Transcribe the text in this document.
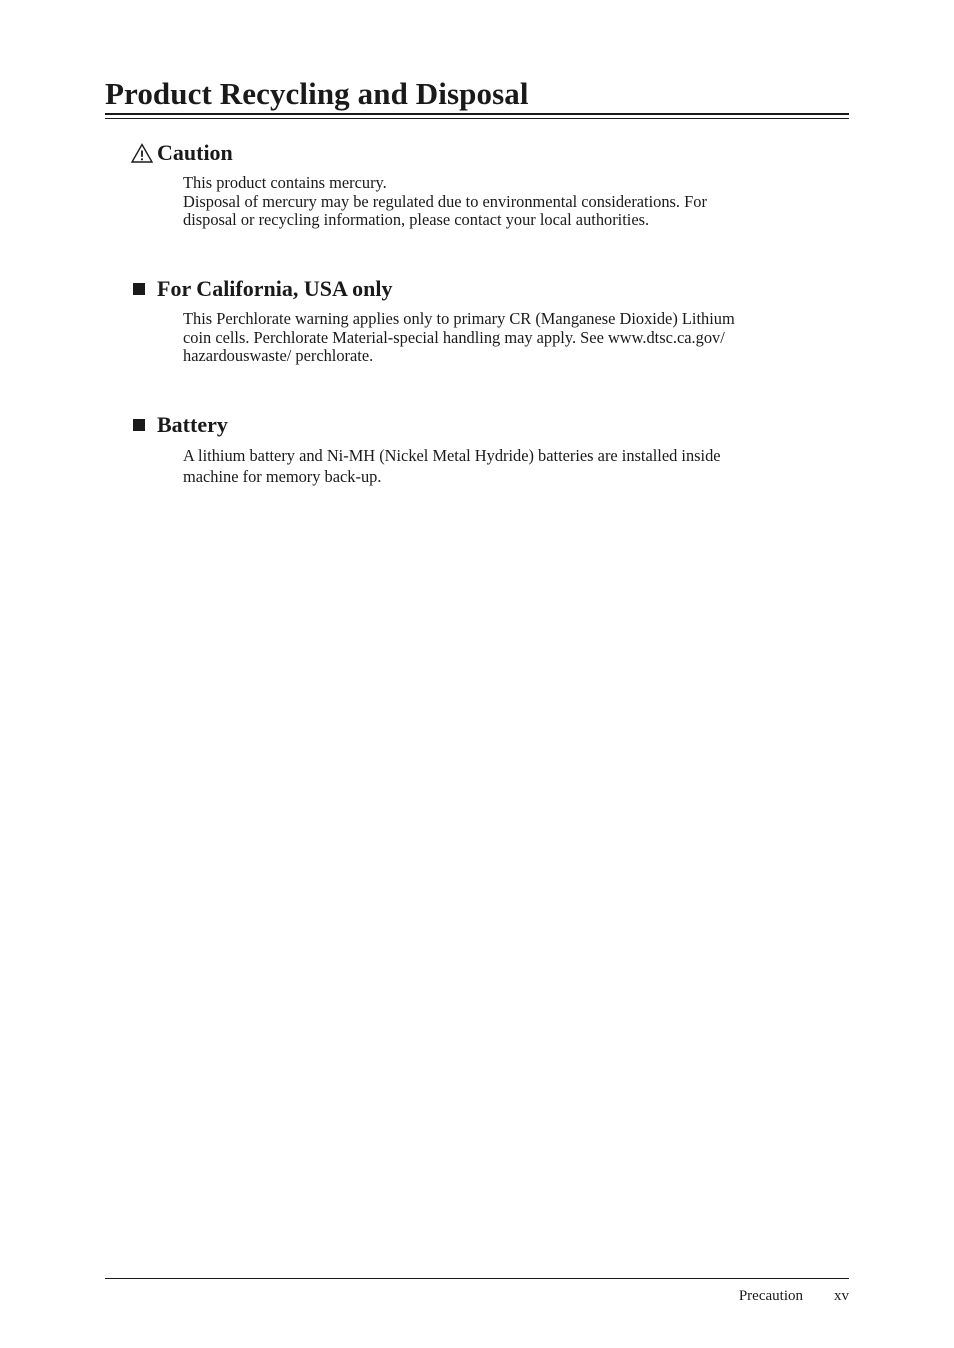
Product Recycling and Disposal
Caution

This product contains mercury.

Disposal of mercury may be regulated due to environmental considerations. For

disposal or recycling information, please contact your local authorities.

For California, USA only

This Perchlorate warning applies only to primary CR (Manganese Dioxide) Lithium

coin cells. Perchlorate Material-special handling may apply. See www.dtsc.ca.gov/

hazardouswaste/ perchlorate.

Battery

A lithium battery and Ni-MH (Nickel Metal Hydride) batteries are installed inside

machine for memory back-up.

Precaution	xv
